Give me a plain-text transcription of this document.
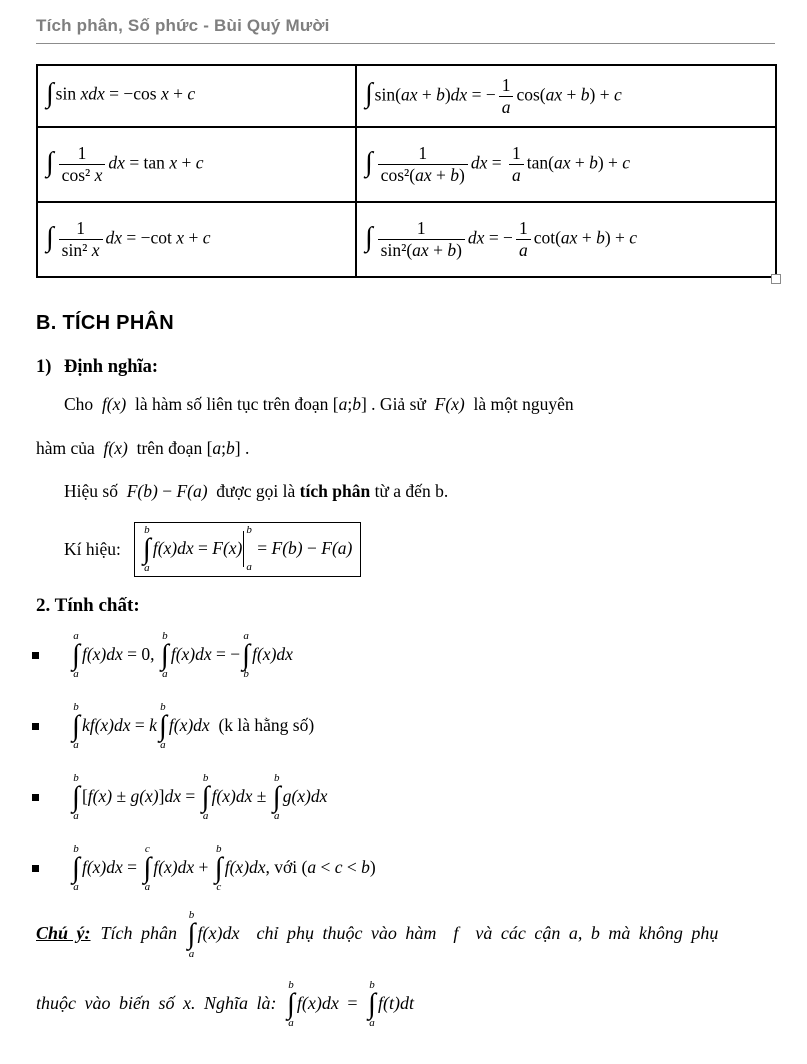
Tích phân, Số phức - Bùi Quý Mười
∫ sin xdx = −cos x + c	∫ sin(ax + b)dx = − $\frac{1}{a} \cos(ax + b) + c$

∫ $\frac{1}{\text{cos² x}}$ dx = tan x + c	∫ $\frac{1}{\text{cos²(ax + b)}}$ dx = $\frac{1}{a} \tan(ax + b) + c$

∫ $\frac{1}{\text{sin² x}}$ dx = −cot x + c	∫ $\frac{1}{\text{sin²(ax + b)}}$ dx = − $\frac{1}{a} \cot(ax + b) + c$
B. TÍCH PHÂN
1) Định nghĩa:

Cho  f(x)  là hàm số liên tục trên đoạn [a;b] . Giả sử  F(x)  là một nguyên

hàm của  f(x)  trên đoạn [a;b] .

Hiệu số  F(b) − F(a)  được gọi là tích phân từ a đến b.

Kí hiệu:
b
∫
a
f(x)dx = F(x)
b
a
= F(b) − F(a)
2. Tính chất:
a
∫
a
f(x)dx = 0,
b
∫
a
f(x)dx = −
a
∫
b
f(x)dx
b
∫
a
kf(x)dx = k
b
∫
a
f(x)dx  (k là hằng số)
b
∫
a
[f(x) ± g(x)]dx =
b
∫
a
f(x)dx ±
b
∫
a
g(x)dx
b
∫
a
f(x)dx =
c
∫
a
f(x)dx +
b
∫
c
f(x)dx, với (a < c < b)

Chú ý: Tích phân
b
∫
a
f(x)dx  chỉ phụ thuộc vào hàm  f  và các cận a, b mà không phụ

thuộc vào biến số x. Nghĩa là:
b
∫
a
f(x)dx =
b
∫
a
f(t)dt
